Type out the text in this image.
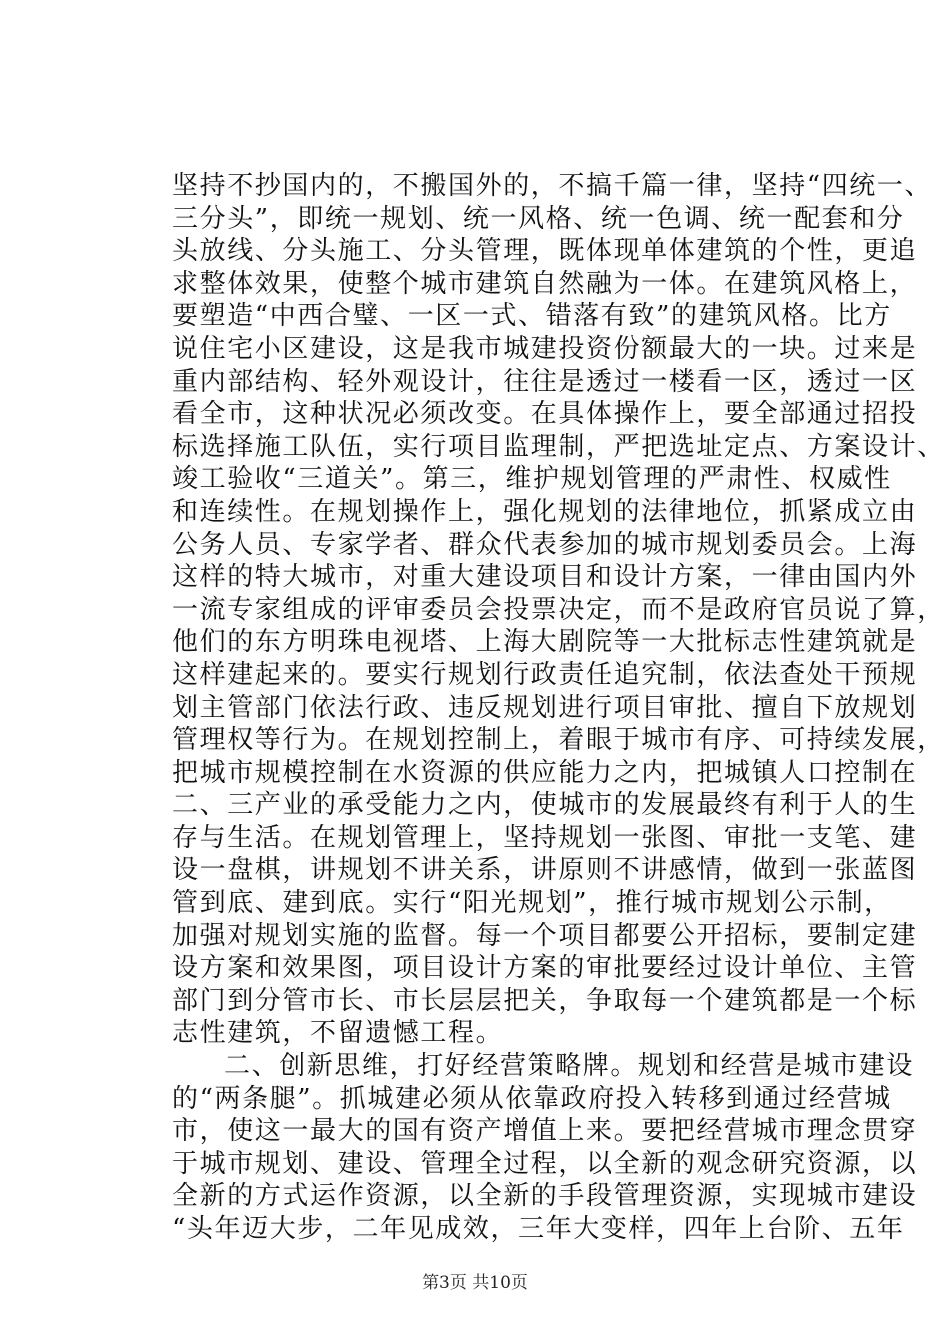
坚持不抄国内的，不搬国外的，不搞千篇一律，坚持“四统一、
三分头”，即统一规划、统一风格、统一色调、统一配套和分
头放线、分头施工、分头管理，既体现单体建筑的个性，更追
求整体效果，使整个城市建筑自然融为一体。在建筑风格上，
要塑造“中西合璧、一区一式、错落有致”的建筑风格。比方
说住宅小区建设，这是我市城建投资份额最大的一块。过来是
重内部结构、轻外观设计，往往是透过一楼看一区，透过一区
看全市，这种状况必须改变。在具体操作上，要全部通过招投
标选择施工队伍，实行项目监理制，严把选址定点、方案设计、
竣工验收“三道关”。第三，维护规划管理的严肃性、权威性
和连续性。在规划操作上，强化规划的法律地位，抓紧成立由
公务人员、专家学者、群众代表参加的城市规划委员会。上海
这样的特大城市，对重大建设项目和设计方案，一律由国内外
一流专家组成的评审委员会投票决定，而不是政府官员说了算，
他们的东方明珠电视塔、上海大剧院等一大批标志性建筑就是
这样建起来的。要实行规划行政责任追究制，依法查处干预规
划主管部门依法行政、违反规划进行项目审批、擅自下放规划
管理权等行为。在规划控制上，着眼于城市有序、可持续发展，
把城市规模控制在水资源的供应能力之内，把城镇人口控制在
二、三产业的承受能力之内，使城市的发展最终有利于人的生
存与生活。在规划管理上，坚持规划一张图、审批一支笔、建
设一盘棋，讲规划不讲关系，讲原则不讲感情，做到一张蓝图
管到底、建到底。实行“阳光规划”，推行城市规划公示制，
加强对规划实施的监督。每一个项目都要公开招标，要制定建
设方案和效果图，项目设计方案的审批要经过设计单位、主管
部门到分管市长、市长层层把关，争取每一个建筑都是一个标
志性建筑，不留遗憾工程。
二、创新思维，打好经营策略牌。规划和经营是城市建设
的“两条腿”。抓城建必须从依靠政府投入转移到通过经营城
市，使这一最大的国有资产增值上来。要把经营城市理念贯穿
于城市规划、建设、管理全过程，以全新的观念研究资源，以
全新的方式运作资源，以全新的手段管理资源，实现城市建设
“头年迈大步，二年见成效，三年大变样，四年上台阶、五年
第3页 共10页
